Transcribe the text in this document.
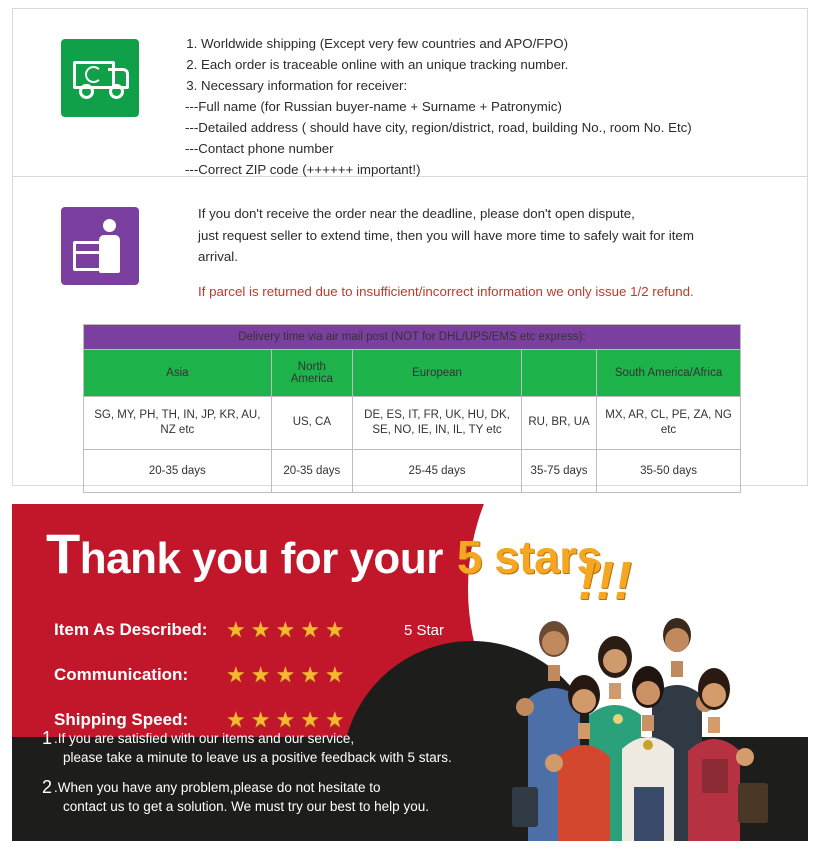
1. Worldwide shipping (Except very few countries and APO/FPO)
2. Each order is traceable online with an unique tracking number.
3. Necessary information for receiver:
---Full name (for Russian buyer-name + Surname + Patronymic)
---Detailed address ( should have city, region/district, road, building No., room No. Etc)
---Contact phone number
---Correct ZIP code (++++++ important!)
If you don't receive the order near the deadline, please don't open dispute,
just request seller to extend time, then you will have more time to safely wait for item
arrival.
If parcel is returned due to insufficient/incorrect information we only issue 1/2 refund.
Delivery time via air mail post (NOT for DHL/UPS/EMS etc express):				
Asia	North America	European		South America/Africa
SG, MY, PH, TH, IN, JP, KR, AU, NZ etc	US, CA	DE, ES, IT, FR, UK, HU, DK, SE, NO, IE, IN, IL, TY etc	RU, BR, UA	MX, AR, CL, PE, ZA, NG etc
20-35 days	20-35 days	25-45 days	35-75 days	35-50 days
Thank you for your 5 stars
!!!
Item As Described: ★ ★ ★ ★ ★	5 Star
Communication:	★ ★ ★ ★ ★
Shipping Speed:	★ ★ ★ ★ ★
1 .If you are satisfied with our items and our service,
please take a minute to leave us a positive feedback with 5 stars.
2 .When you have any problem,please do not hesitate to
contact us to get a solution. We must try our best to help you.
